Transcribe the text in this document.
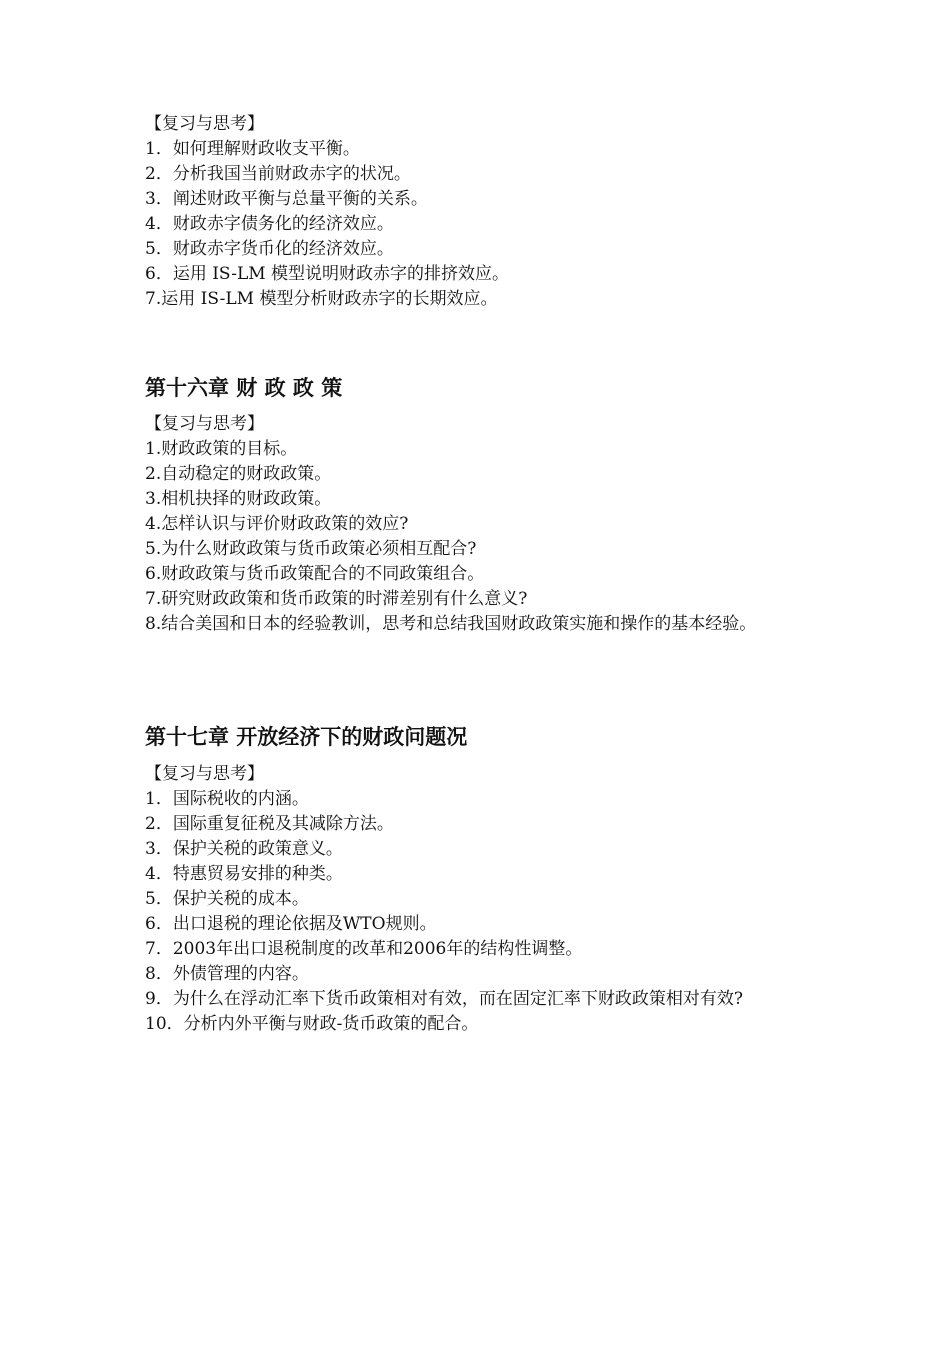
【复习与思考】
1．如何理解财政收支平衡。
2．分析我国当前财政赤字的状况。
3．阐述财政平衡与总量平衡的关系。
4．财政赤字债务化的经济效应。
5．财政赤字货币化的经济效应。
6．运用 IS-LM 模型说明财政赤字的排挤效应。
7.运用 IS-LM 模型分析财政赤字的长期效应。
第十六章 财 政 政 策
【复习与思考】
1.财政政策的目标。
2.自动稳定的财政政策。
3.相机抉择的财政政策。
4.怎样认识与评价财政政策的效应?
5.为什么财政政策与货币政策必须相互配合?
6.财政政策与货币政策配合的不同政策组合。
7.研究财政政策和货币政策的时滞差别有什么意义?
8.结合美国和日本的经验教训，思考和总结我国财政政策实施和操作的基本经验。
第十七章 开放经济下的财政问题况
【复习与思考】
1．国际税收的内涵。
2．国际重复征税及其减除方法。
3．保护关税的政策意义。
4．特惠贸易安排的种类。
5．保护关税的成本。
6．出口退税的理论依据及WTO规则。
7．2003年出口退税制度的改革和2006年的结构性调整。
8．外债管理的内容。
9．为什么在浮动汇率下货币政策相对有效，而在固定汇率下财政政策相对有效?
10．分析内外平衡与财政-货币政策的配合。
